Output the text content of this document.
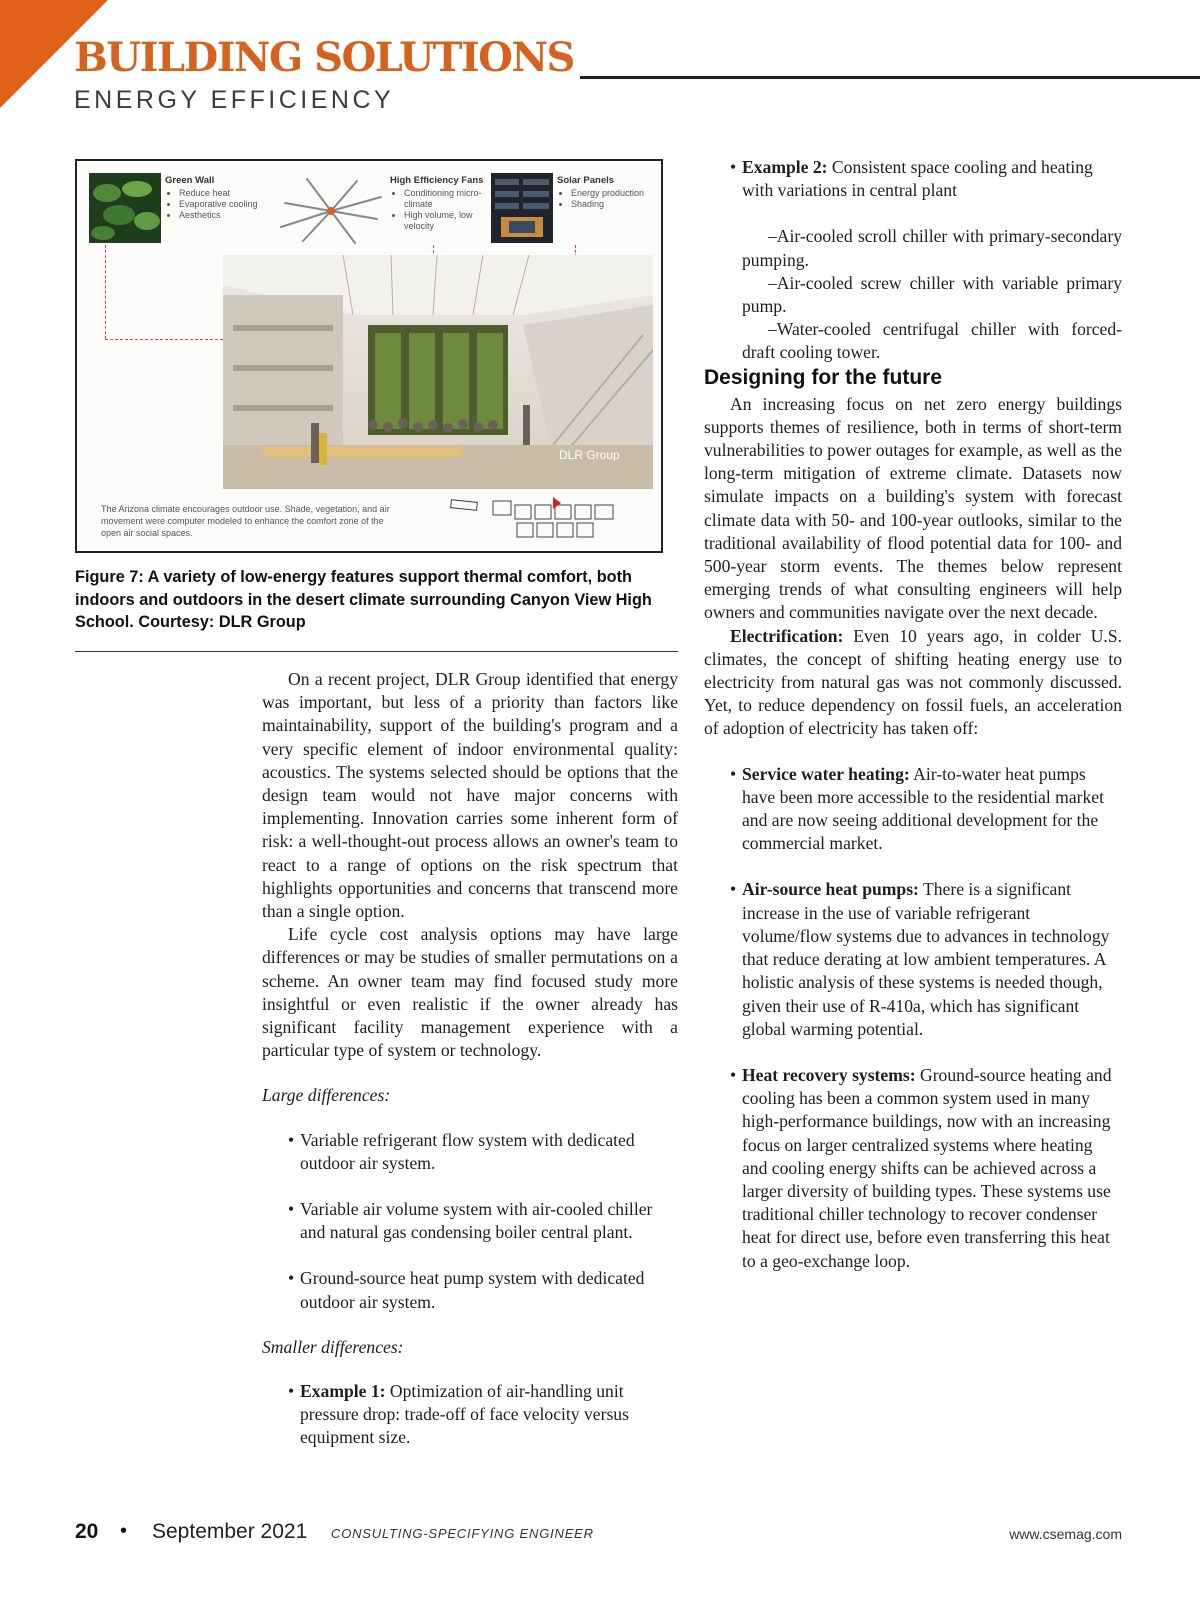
BUILDING SOLUTIONS
ENERGY EFFICIENCY
Green Wall
• Reduce heat
• Evaporative cooling
• Aesthetics
High Efficiency Fans
• Conditioning micro-climate
• High volume, low velocity
Solar Panels
• Energy production
• Shading
DLR Group
The Arizona climate encourages outdoor use. Shade, vegetation, and air movement were computer modeled to enhance the comfort zone of the open air social spaces.

Figure 7: A variety of low-energy features support thermal comfort, both indoors and outdoors in the desert climate surrounding Canyon View High School. Courtesy: DLR Group

On a recent project, DLR Group identified that energy was important, but less of a priority than factors like maintainability, support of the building's program and a very specific element of indoor environmental quality: acoustics. The systems selected should be options that the design team would not have major concerns with implementing. Innovation carries some inherent form of risk: a well-thought-out process allows an owner's team to react to a range of options on the risk spectrum that highlights opportunities and concerns that transcend more than a single option.

Life cycle cost analysis options may have large differences or may be studies of smaller permutations on a scheme. An owner team may find focused study more insightful or even realistic if the owner already has significant facility management experience with a particular type of system or technology.

Large differences:

• Variable refrigerant flow system with dedicated outdoor air system.
• Variable air volume system with air-cooled chiller and natural gas condensing boiler central plant.
• Ground-source heat pump system with dedicated outdoor air system.

Smaller differences:

• Example 1: Optimization of air-handling unit pressure drop: trade-off of face velocity versus equipment size.
• Example 2: Consistent space cooling and heating with variations in central plant

–Air-cooled scroll chiller with primary-secondary pumping.

–Air-cooled screw chiller with variable primary pump.

–Water-cooled centrifugal chiller with forced-draft cooling tower.

Designing for the future

An increasing focus on net zero energy buildings supports themes of resilience, both in terms of short-term vulnerabilities to power outages for example, as well as the long-term mitigation of extreme climate. Datasets now simulate impacts on a building's system with forecast climate data with 50- and 100-year outlooks, similar to the traditional availability of flood potential data for 100- and 500-year storm events. The themes below represent emerging trends of what consulting engineers will help owners and communities navigate over the next decade.

Electrification: Even 10 years ago, in colder U.S. climates, the concept of shifting heating energy use to electricity from natural gas was not commonly discussed. Yet, to reduce dependency on fossil fuels, an acceleration of adoption of electricity has taken off:

• Service water heating: Air-to-water heat pumps have been more accessible to the residential market and are now seeing additional development for the commercial market.
• Air-source heat pumps: There is a significant increase in the use of variable refrigerant volume/flow systems due to advances in technology that reduce derating at low ambient temperatures. A holistic analysis of these systems is needed though, given their use of R-410a, which has significant global warming potential.
• Heat recovery systems: Ground-source heating and cooling has been a common system used in many high-performance buildings, now with an increasing focus on larger centralized systems where heating and cooling energy shifts can be achieved across a larger diversity of building types. These systems use traditional chiller technology to recover condenser heat for direct use, before even transferring this heat to a geo-exchange loop.
20 • September 2021 CONSULTING-SPECIFYING ENGINEER	www.csemag.com
